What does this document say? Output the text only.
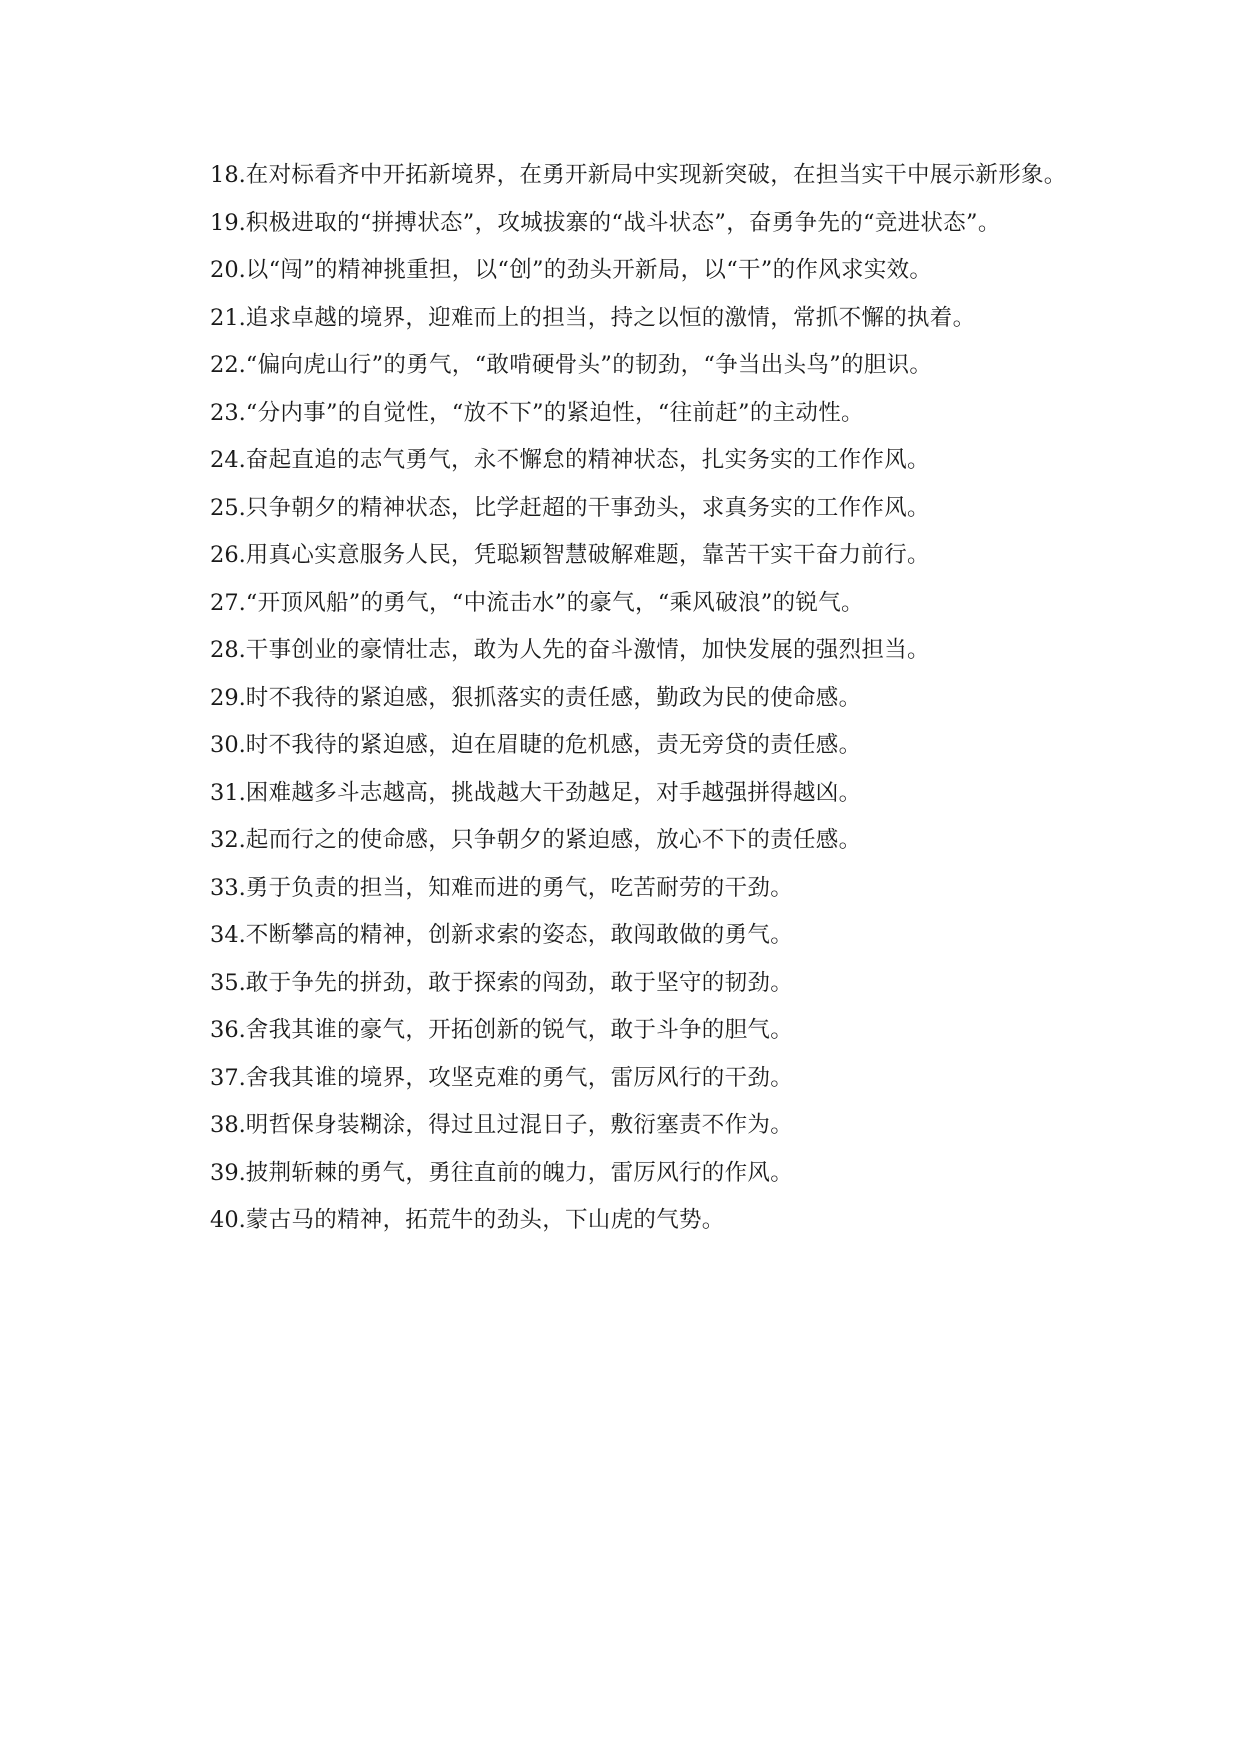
18.在对标看齐中开拓新境界，在勇开新局中实现新突破，在担当实干中展示新形象。

19.积极进取的“拼搏状态”，攻城拔寨的“战斗状态”，奋勇争先的“竞进状态”。

20.以“闯”的精神挑重担，以“创”的劲头开新局，以“干”的作风求实效。

21.追求卓越的境界，迎难而上的担当，持之以恒的激情，常抓不懈的执着。

22.“偏向虎山行”的勇气，“敢啃硬骨头”的韧劲，“争当出头鸟”的胆识。

23.“分内事”的自觉性，“放不下”的紧迫性，“往前赶”的主动性。

24.奋起直追的志气勇气，永不懈怠的精神状态，扎实务实的工作作风。

25.只争朝夕的精神状态，比学赶超的干事劲头，求真务实的工作作风。

26.用真心实意服务人民，凭聪颖智慧破解难题，靠苦干实干奋力前行。

27.“开顶风船”的勇气，“中流击水”的豪气，“乘风破浪”的锐气。

28.干事创业的豪情壮志，敢为人先的奋斗激情，加快发展的强烈担当。

29.时不我待的紧迫感，狠抓落实的责任感，勤政为民的使命感。

30.时不我待的紧迫感，迫在眉睫的危机感，责无旁贷的责任感。

31.困难越多斗志越高，挑战越大干劲越足，对手越强拼得越凶。

32.起而行之的使命感，只争朝夕的紧迫感，放心不下的责任感。

33.勇于负责的担当，知难而进的勇气，吃苦耐劳的干劲。

34.不断攀高的精神，创新求索的姿态，敢闯敢做的勇气。

35.敢于争先的拼劲，敢于探索的闯劲，敢于坚守的韧劲。

36.舍我其谁的豪气，开拓创新的锐气，敢于斗争的胆气。

37.舍我其谁的境界，攻坚克难的勇气，雷厉风行的干劲。

38.明哲保身装糊涂，得过且过混日子，敷衍塞责不作为。

39.披荆斩棘的勇气，勇往直前的魄力，雷厉风行的作风。

40.蒙古马的精神，拓荒牛的劲头，下山虎的气势。
